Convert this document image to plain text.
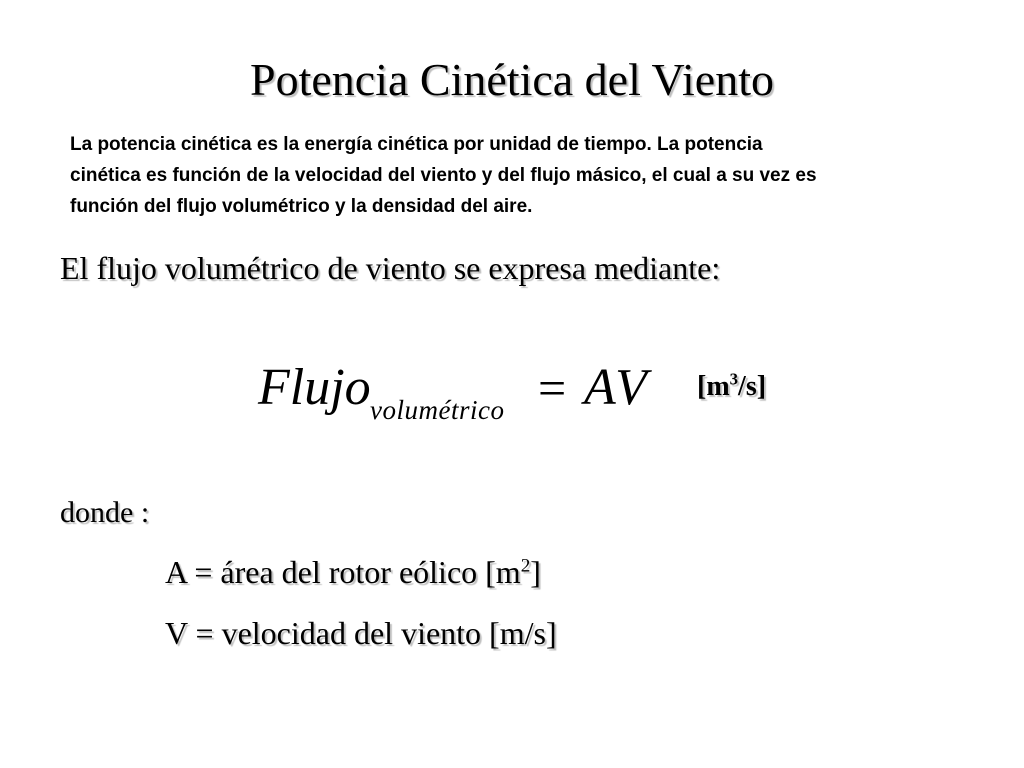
Potencia Cinética del Viento
La potencia cinética es la energía cinética por unidad de tiempo. La potencia
cinética es función de la velocidad del viento y del flujo másico, el cual a su vez es
función del flujo volumétrico y la densidad del aire.
El flujo volumétrico de viento se expresa mediante:
Flujo volumétrico = AV $[m^3/s]$
donde :
A = área del rotor eólico $[m^2]$
V = velocidad del viento [m/s]
